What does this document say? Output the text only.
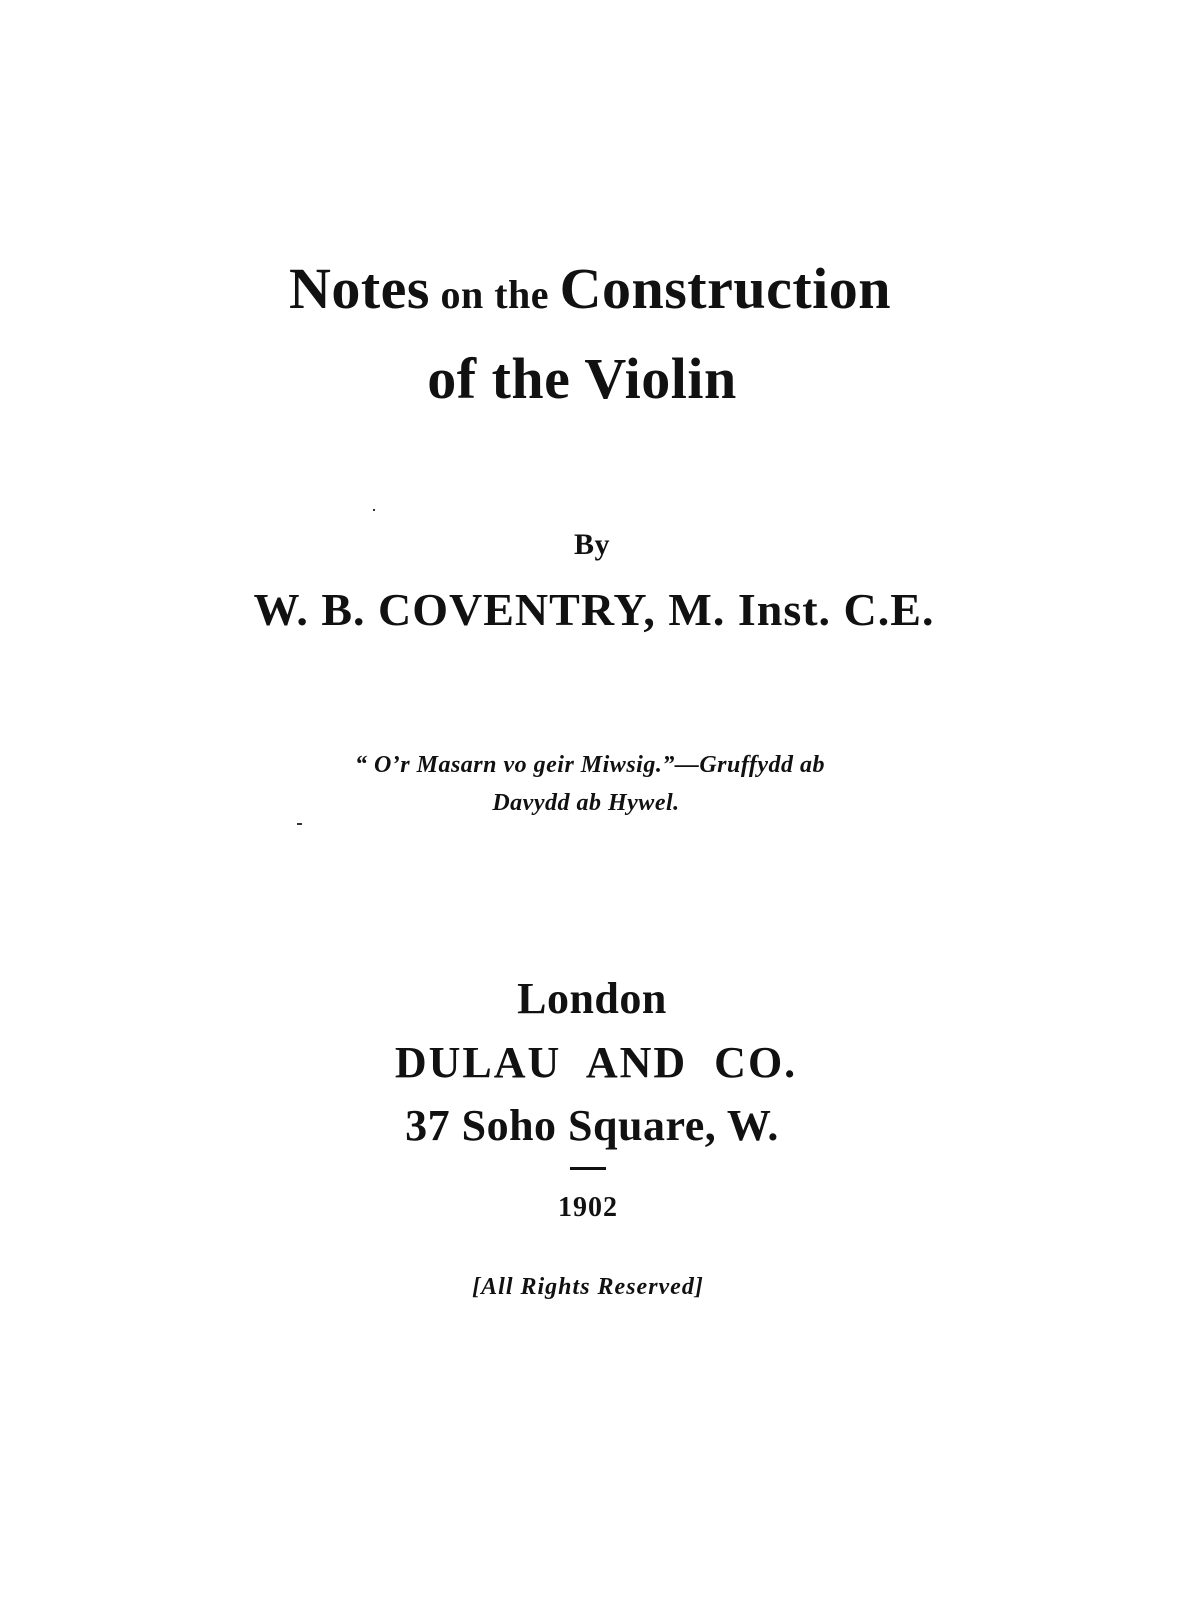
Notes on the Construction
of the Violin
By
W. B. COVENTRY, M. Inst. C.E.
“ O’r Masarn vo geir Miwsig.”—Gruffydd ab
Davydd ab Hywel.
London
DULAU AND CO.
37 Soho Square, W.
1902
[All Rights Reserved]
